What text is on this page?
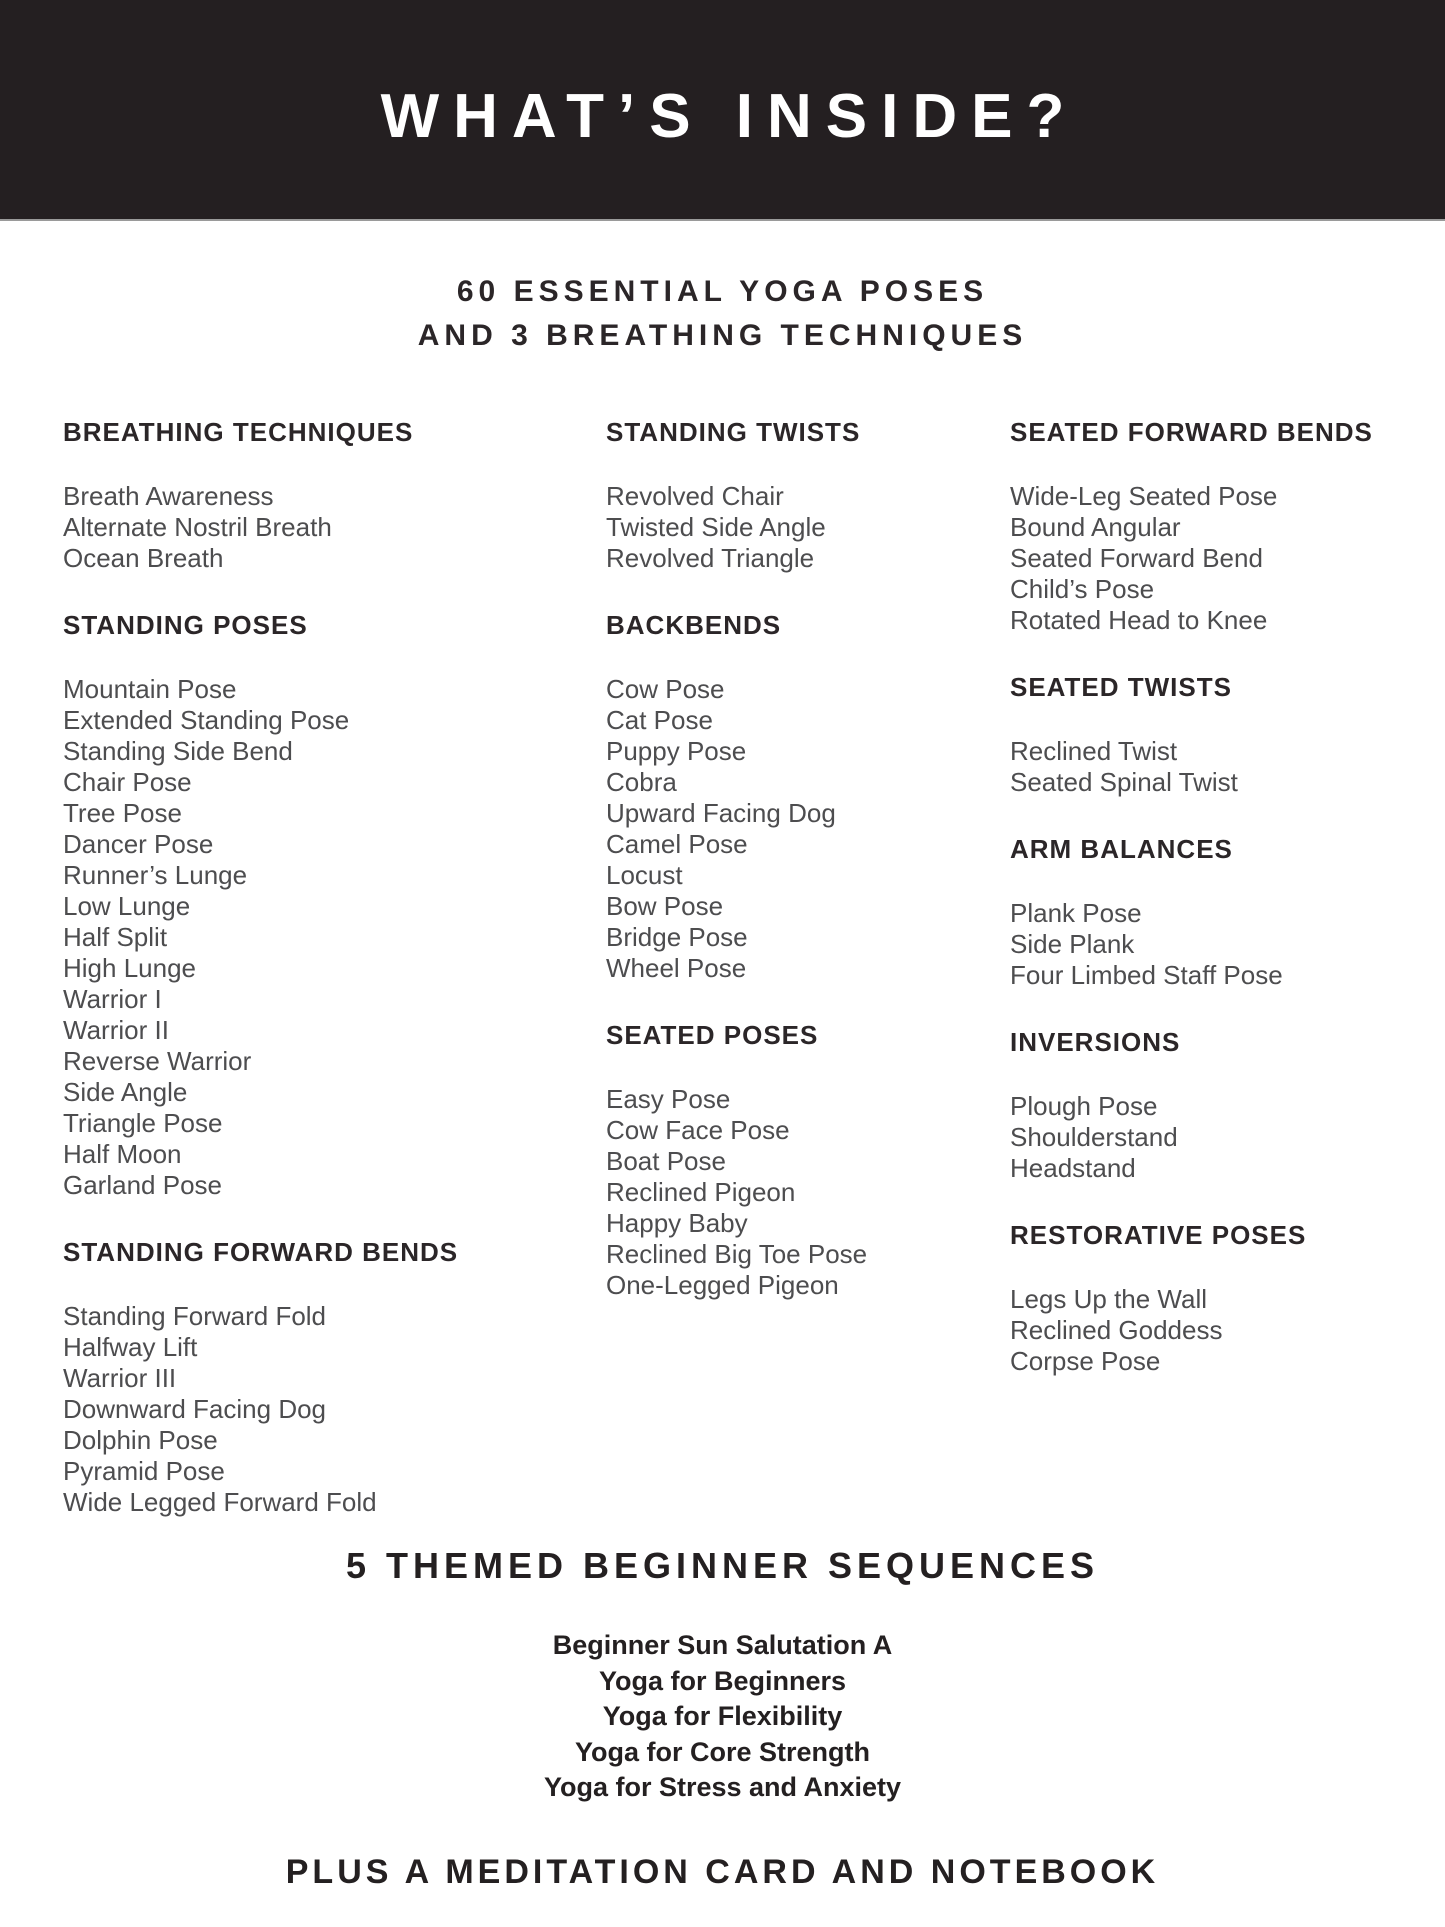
WHAT’S INSIDE?
60 ESSENTIAL YOGA POSES
AND 3 BREATHING TECHNIQUES
BREATHING TECHNIQUES
Breath Awareness
Alternate Nostril Breath
Ocean Breath
STANDING POSES
Mountain Pose
Extended Standing Pose
Standing Side Bend
Chair Pose
Tree Pose
Dancer Pose
Runner’s Lunge
Low Lunge
Half Split
High Lunge
Warrior I
Warrior II
Reverse Warrior
Side Angle
Triangle Pose
Half Moon
Garland Pose
STANDING FORWARD BENDS
Standing Forward Fold
Halfway Lift
Warrior III
Downward Facing Dog
Dolphin Pose
Pyramid Pose
Wide Legged Forward Fold
STANDING TWISTS
Revolved Chair
Twisted Side Angle
Revolved Triangle
BACKBENDS
Cow Pose
Cat Pose
Puppy Pose
Cobra
Upward Facing Dog
Camel Pose
Locust
Bow Pose
Bridge Pose
Wheel Pose
SEATED POSES
Easy Pose
Cow Face Pose
Boat Pose
Reclined Pigeon
Happy Baby
Reclined Big Toe Pose
One-Legged Pigeon
SEATED FORWARD BENDS
Wide-Leg Seated Pose
Bound Angular
Seated Forward Bend
Child’s Pose
Rotated Head to Knee
SEATED TWISTS
Reclined Twist
Seated Spinal Twist
ARM BALANCES
Plank Pose
Side Plank
Four Limbed Staff Pose
INVERSIONS
Plough Pose
Shoulderstand
Headstand
RESTORATIVE POSES
Legs Up the Wall
Reclined Goddess
Corpse Pose
5 THEMED BEGINNER SEQUENCES
Beginner Sun Salutation A
Yoga for Beginners
Yoga for Flexibility
Yoga for Core Strength
Yoga for Stress and Anxiety
PLUS A MEDITATION CARD AND NOTEBOOK
